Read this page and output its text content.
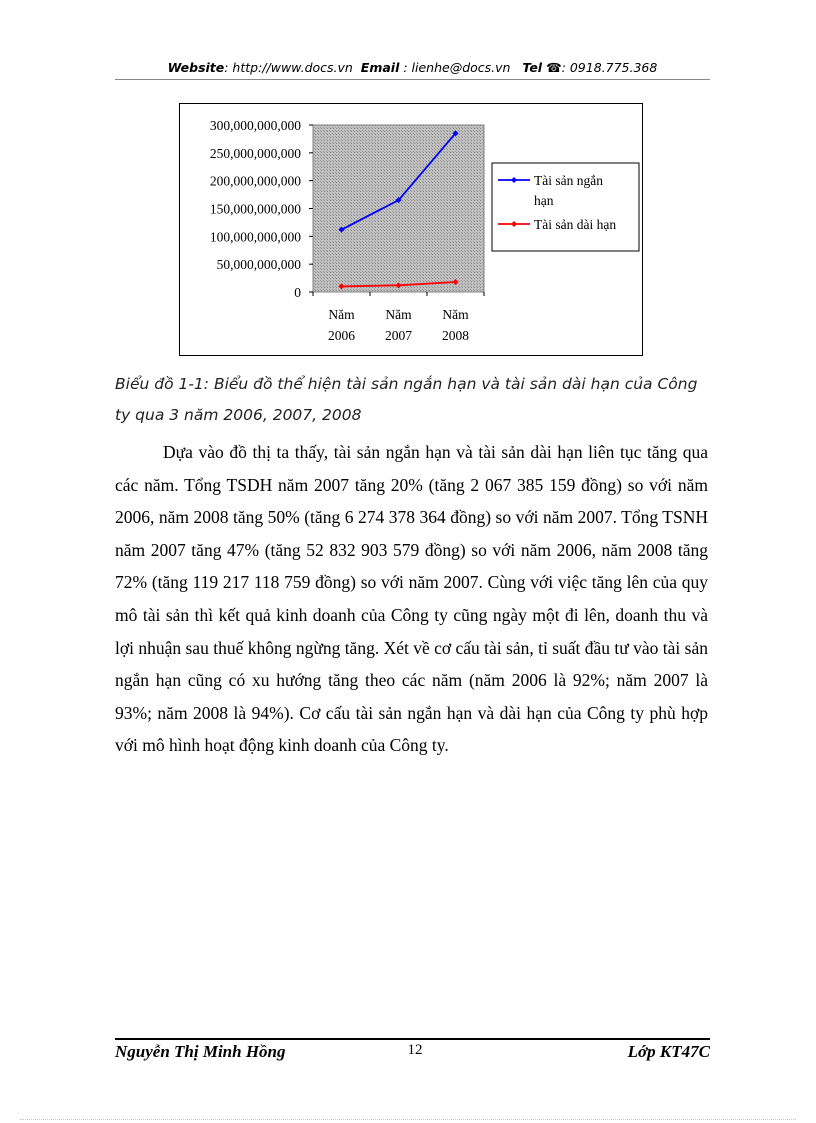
Website: http://www.docs.vn Email : lienhe@docs.vn Tel ☎: 0918.775.368
300,000,000,000
250,000,000,000
200,000,000,000
150,000,000,000
100,000,000,000
50,000,000,000
0
Năm 2006
Năm 2007
Năm 2008
Tài sản ngắn hạn
Tài sản dài hạn
Biểu đồ 1-1: Biểu đồ thể hiện tài sản ngắn hạn và tài sản dài hạn của Công ty qua 3 năm 2006, 2007, 2008

Dựa vào đồ thị ta thấy, tài sản ngắn hạn và tài sản dài hạn liên tục tăng qua các năm. Tổng TSDH năm 2007 tăng 20% (tăng 2 067 385 159 đồng) so với năm 2006, năm 2008 tăng 50% (tăng 6 274 378 364 đồng) so với năm 2007. Tổng TSNH năm 2007 tăng 47% (tăng 52 832 903 579 đồng) so với năm 2006, năm 2008 tăng 72% (tăng 119 217 118 759 đồng) so với năm 2007. Cùng với việc tăng lên của quy mô tài sản thì kết quả kinh doanh của Công ty cũng ngày một đi lên, doanh thu và lợi nhuận sau thuế không ngừng tăng. Xét về cơ cấu tài sản, tỉ suất đầu tư vào tài sản ngắn hạn cũng có xu hướng tăng theo các năm (năm 2006 là 92%; năm 2007 là 93%; năm 2008 là 94%). Cơ cấu tài sản ngắn hạn và dài hạn của Công ty phù hợp với mô hình hoạt động kinh doanh của Công ty.

Nguyễn Thị Minh Hồng	12	Lớp KT47C
